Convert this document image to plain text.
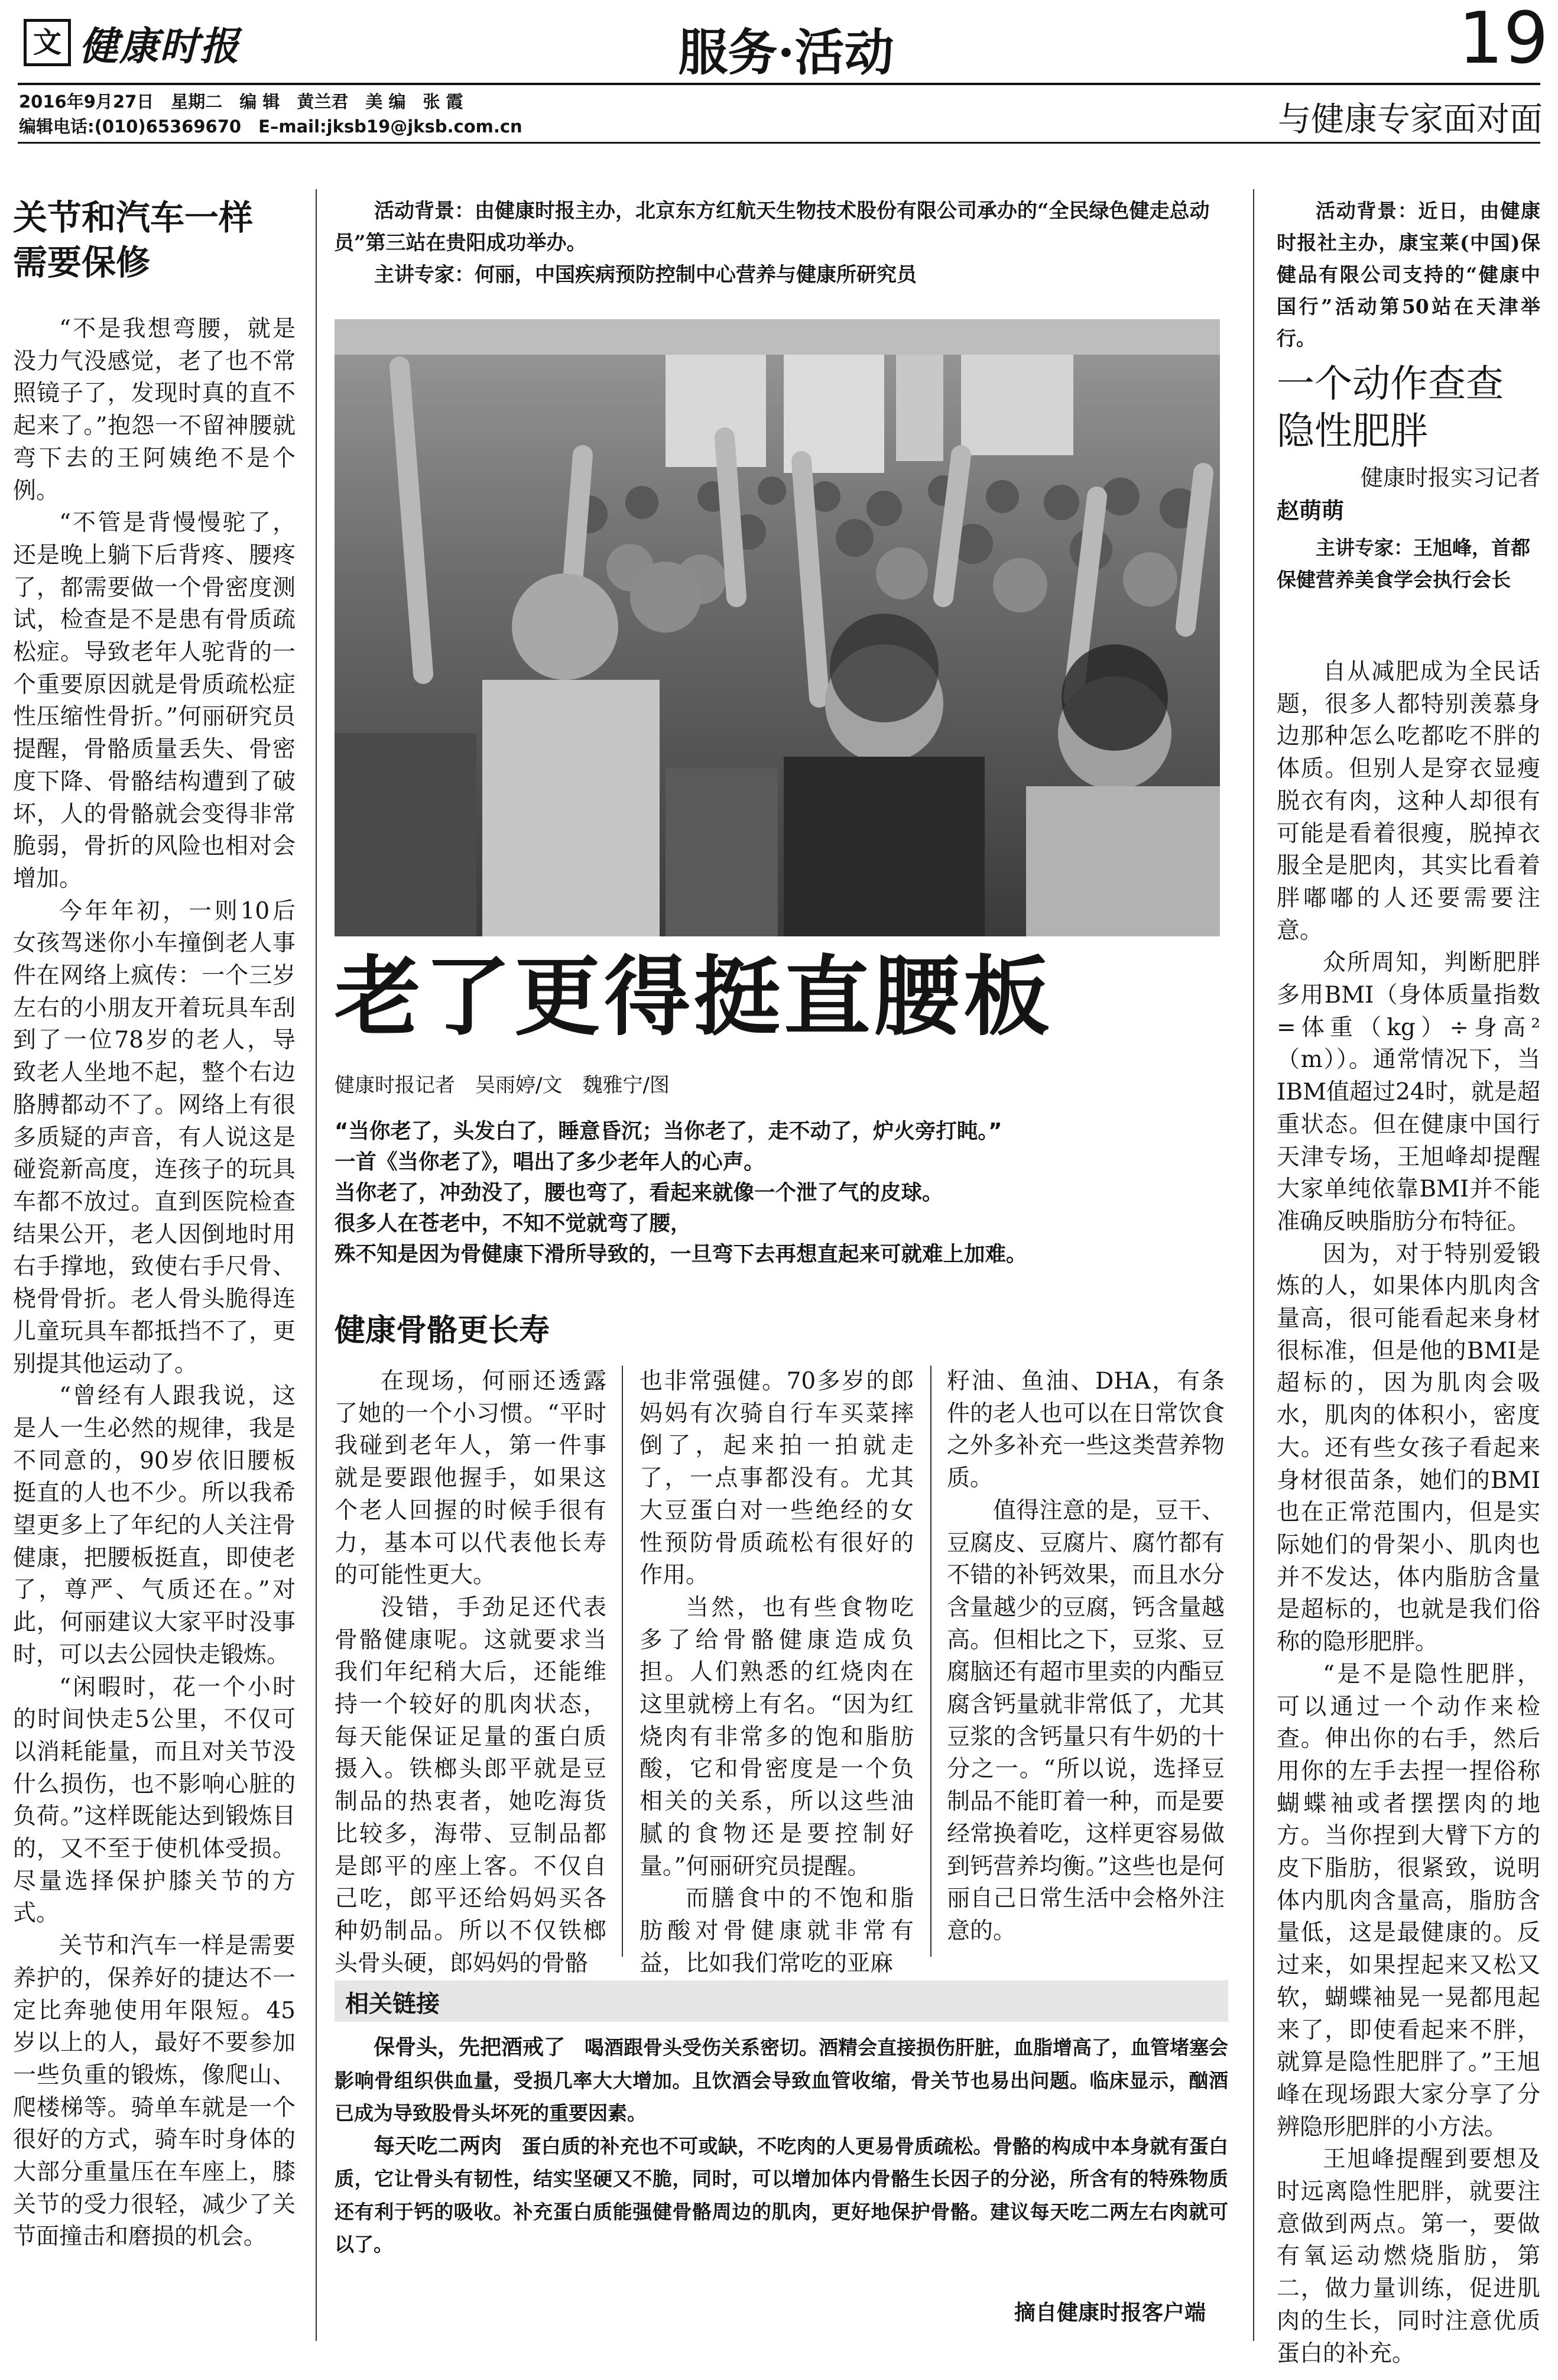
文 健康时报	服务·活动	19
2016年9月27日　星期二　编 辑　黄兰君　美 编　张 霞
编辑电话:(010)65369670　E–mail:jksb19@jksb.com.cn	与健康专家面对面
关节和汽车一样
需要保修

“不是我想弯腰，就是没力气没感觉，老了也不常照镜子了，发现时真的直不起来了。”抱怨一不留神腰就弯下去的王阿姨绝不是个例。

“不管是背慢慢驼了，还是晚上躺下后背疼、腰疼了，都需要做一个骨密度测试，检查是不是患有骨质疏松症。导致老年人驼背的一个重要原因就是骨质疏松症性压缩性骨折。”何丽研究员提醒，骨骼质量丢失、骨密度下降、骨骼结构遭到了破坏，人的骨骼就会变得非常脆弱，骨折的风险也相对会增加。

今年年初，一则10后女孩驾迷你小车撞倒老人事件在网络上疯传：一个三岁左右的小朋友开着玩具车刮到了一位78岁的老人，导致老人坐地不起，整个右边胳膊都动不了。网络上有很多质疑的声音，有人说这是碰瓷新高度，连孩子的玩具车都不放过。直到医院检查结果公开，老人因倒地时用右手撑地，致使右手尺骨、桡骨骨折。老人骨头脆得连儿童玩具车都抵挡不了，更别提其他运动了。

“曾经有人跟我说，这是人一生必然的规律，我是不同意的，90岁依旧腰板挺直的人也不少。所以我希望更多上了年纪的人关注骨健康，把腰板挺直，即使老了，尊严、气质还在。”对此，何丽建议大家平时没事时，可以去公园快走锻炼。

“闲暇时，花一个小时的时间快走5公里，不仅可以消耗能量，而且对关节没什么损伤，也不影响心脏的负荷。”这样既能达到锻炼目的，又不至于使机体受损。尽量选择保护膝关节的方式。

关节和汽车一样是需要养护的，保养好的捷达不一定比奔驰使用年限短。45岁以上的人，最好不要参加一些负重的锻炼，像爬山、爬楼梯等。骑单车就是一个很好的方式，骑车时身体的大部分重量压在车座上，膝关节的受力很轻，减少了关节面撞击和磨损的机会。

活动背景：由健康时报主办，北京东方红航天生物技术股份有限公司承办的“全民绿色健走总动员”第三站在贵阳成功举办。
主讲专家：何丽，中国疾病预防控制中心营养与健康所研究员
老了更得挺直腰板
健康时报记者　吴雨婷/文　魏雅宁/图
“当你老了，头发白了，睡意昏沉；当你老了，走不动了，炉火旁打盹。”
一首《当你老了》，唱出了多少老年人的心声。
当你老了，冲劲没了，腰也弯了，看起来就像一个泄了气的皮球。
很多人在苍老中，不知不觉就弯了腰，
殊不知是因为骨健康下滑所导致的，一旦弯下去再想直起来可就难上加难。
健康骨骼更长寿

在现场，何丽还透露了她的一个小习惯。“平时我碰到老年人，第一件事就是要跟他握手，如果这个老人回握的时候手很有力，基本可以代表他长寿的可能性更大。

没错，手劲足还代表骨骼健康呢。这就要求当我们年纪稍大后，还能维持一个较好的肌肉状态，每天能保证足量的蛋白质摄入。铁榔头郎平就是豆制品的热衷者，她吃海货比较多，海带、豆制品都是郎平的座上客。不仅自己吃，郎平还给妈妈买各种奶制品。所以不仅铁榔头骨头硬，郎妈妈的骨骼

也非常强健。70多岁的郎妈妈有次骑自行车买菜摔倒了，起来拍一拍就走了，一点事都没有。尤其大豆蛋白对一些绝经的女性预防骨质疏松有很好的作用。

当然，也有些食物吃多了给骨骼健康造成负担。人们熟悉的红烧肉在这里就榜上有名。“因为红烧肉有非常多的饱和脂肪酸，它和骨密度是一个负相关的关系，所以这些油腻的食物还是要控制好量。”何丽研究员提醒。

而膳食中的不饱和脂肪酸对骨健康就非常有益，比如我们常吃的亚麻

籽油、鱼油、DHA，有条件的老人也可以在日常饮食之外多补充一些这类营养物质。

值得注意的是，豆干、豆腐皮、豆腐片、腐竹都有不错的补钙效果，而且水分含量越少的豆腐，钙含量越高。但相比之下，豆浆、豆腐脑还有超市里卖的内酯豆腐含钙量就非常低了，尤其豆浆的含钙量只有牛奶的十分之一。“所以说，选择豆制品不能盯着一种，而是要经常换着吃，这样更容易做到钙营养均衡。”这些也是何丽自己日常生活中会格外注意的。

相关链接

保骨头，先把酒戒了　 喝酒跟骨头受伤关系密切。酒精会直接损伤肝脏，血脂增高了，血管堵塞会影响骨组织供血量，受损几率大大增加。且饮酒会导致血管收缩，骨关节也易出问题。临床显示，酗酒已成为导致股骨头坏死的重要因素。

每天吃二两肉　 蛋白质的补充也不可或缺，不吃肉的人更易骨质疏松。骨骼的构成中本身就有蛋白质，它让骨头有韧性，结实坚硬又不脆，同时，可以增加体内骨骼生长因子的分泌，所含有的特殊物质还有利于钙的吸收。补充蛋白质能强健骨骼周边的肌肉，更好地保护骨骼。建议每天吃二两左右肉就可以了。

摘自健康时报客户端
活动背景：近日，由健康时报社主办，康宝莱(中国)保健品有限公司支持的“健康中国行”活动第50站在天津举行。
一个动作查查
隐性肥胖
健康时报实习记者
赵萌萌
主讲专家：王旭峰，首都保健营养美食学会执行会长

自从减肥成为全民话题，很多人都特别羡慕身边那种怎么吃都吃不胖的体质。但别人是穿衣显瘦脱衣有肉，这种人却很有可能是看着很瘦，脱掉衣服全是肥肉，其实比看着胖嘟嘟的人还要需要注意。

众所周知，判断肥胖多用BMI（身体质量指数=体重（kg）÷身高²（m））。通常情况下，当IBM值超过24时，就是超重状态。但在健康中国行天津专场，王旭峰却提醒大家单纯依靠BMI并不能准确反映脂肪分布特征。

因为，对于特别爱锻炼的人，如果体内肌肉含量高，很可能看起来身材很标准，但是他的BMI是超标的，因为肌肉会吸水，肌肉的体积小，密度大。还有些女孩子看起来身材很苗条，她们的BMI也在正常范围内，但是实际她们的骨架小、肌肉也并不发达，体内脂肪含量是超标的，也就是我们俗称的隐形肥胖。

“是不是隐性肥胖，可以通过一个动作来检查。伸出你的右手，然后用你的左手去捏一捏俗称蝴蝶袖或者摆摆肉的地方。当你捏到大臂下方的皮下脂肪，很紧致，说明体内肌肉含量高，脂肪含量低，这是最健康的。反过来，如果捏起来又松又软，蝴蝶袖晃一晃都甩起来了，即使看起来不胖，就算是隐性肥胖了。”王旭峰在现场跟大家分享了分辨隐形肥胖的小方法。

王旭峰提醒到要想及时远离隐性肥胖，就要注意做到两点。第一，要做有氧运动燃烧脂肪，第二，做力量训练，促进肌肉的生长，同时注意优质蛋白的补充。
